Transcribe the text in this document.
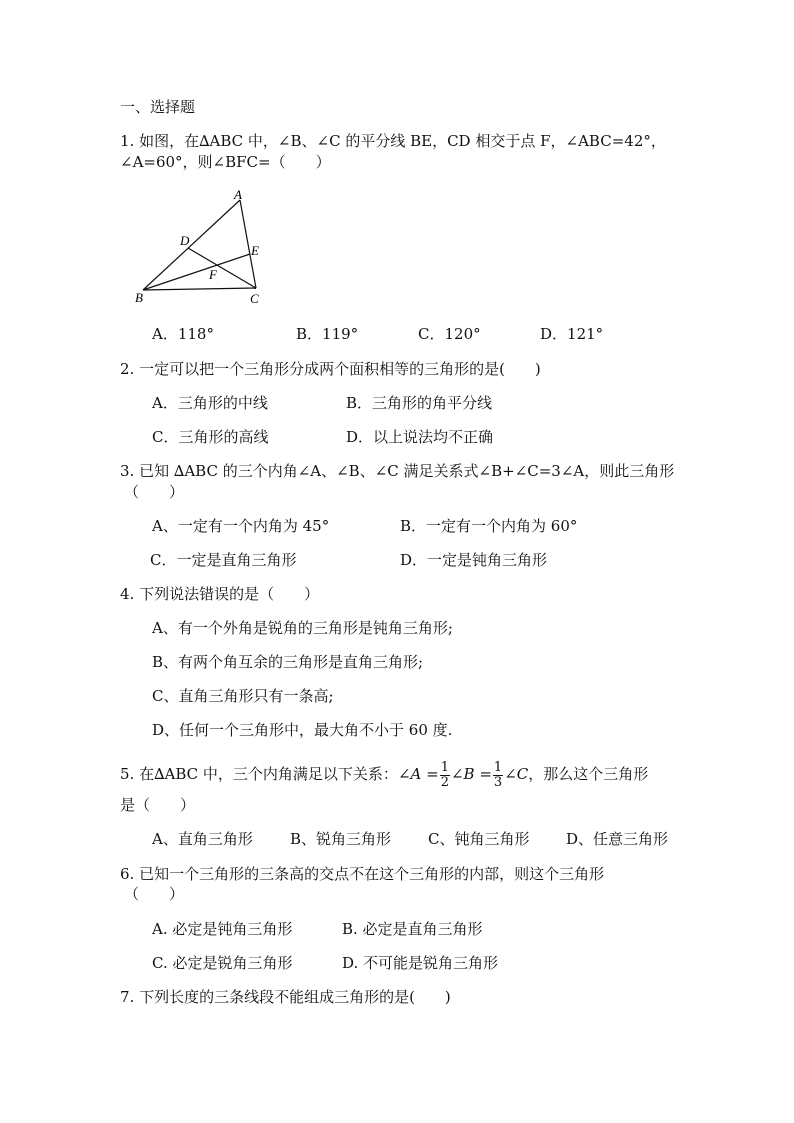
一、选择题
1. 如图，在∆ABC 中，∠B、∠C 的平分线 BE，CD 相交于点 F，∠ABC=42°，
∠A=60°，则∠BFC=（　　）
A
B	C
D
E
F
A．118°	B．119°	C．120°	D．121°
2. 一定可以把一个三角形分成两个面积相等的三角形的是(　　)
A．三角形的中线	B．三角形的角平分线
C．三角形的高线	D．以上说法均不正确
3. 已知 ∆ABC 的三个内角∠A、∠B、∠C 满足关系式∠B+∠C=3∠A，则此三角形
（　　）
A、一定有一个内角为 45°	B．一定有一个内角为 60°
C．一定是直角三角形	D．一定是钝角三角形
4. 下列说法错误的是（　　）
A、有一个外角是锐角的三角形是钝角三角形;
B、有两个角互余的三角形是直角三角形;
C、直角三角形只有一条高;
D、任何一个三角形中，最大角不小于 60 度.
5. 在∆ABC 中，三个内角满足以下关系：∠A = $\frac{1}{2}$ ∠B = $\frac{1}{3}$ ∠C，那么这个三角形
是（　　）
A、直角三角形 B、锐角三角形 C、钝角三角形 D、任意三角形
6. 已知一个三角形的三条高的交点不在这个三角形的内部，则这个三角形
（　　）
A. 必定是钝角三角形	B. 必定是直角三角形
C. 必定是锐角三角形	D. 不可能是锐角三角形
7. 下列长度的三条线段不能组成三角形的是(　　)
